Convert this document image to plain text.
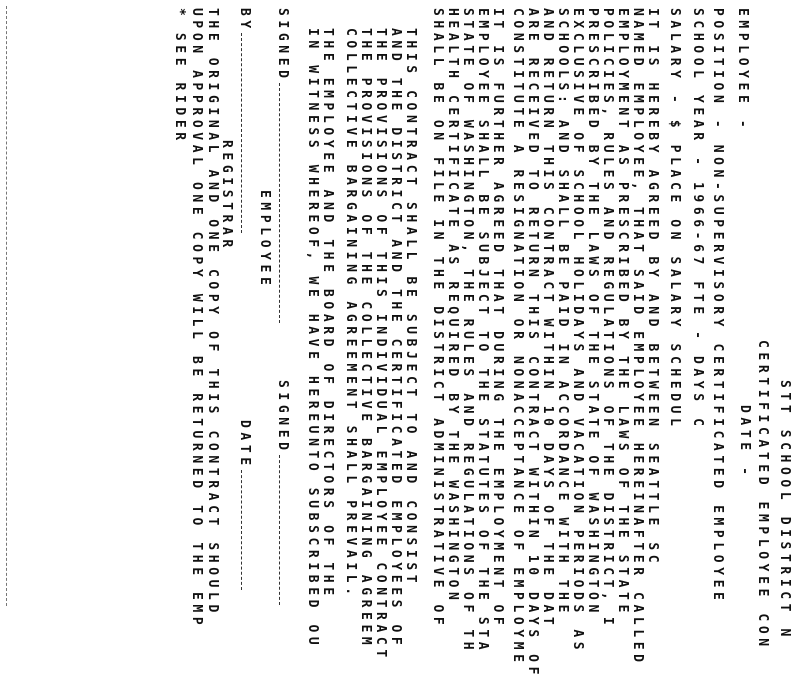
STT SCHOOL DISTRICT N
CERTIFICATED EMPLOYEE CON
DATE -
EMPLOYEE -
POSITION - NON-SUPERVISORY CERTIFICATED EMPLOYEE
SCHOOL YEAR - 1966-67 FTE - DAYS C
SALARY - $ PLACE ON SALARY SCHEDUL
IT IS HEREBY AGREED BY AND BETWEEN SEATTLE SC
NAMED EMPLOYEE, THAT SAID EMPLOYEE HEREINAFTER CALLED
EMPLOYMENT AS PRESCRIBED BY THE LAWS OF THE STATE
POLICIES, RULES AND REGULATIONS OF THE DISTRICT, I
PRESCRIBED BY THE LAWS OF THE STATE OF WASHINGTON
EXCLUSIVE OF SCHOOL HOLIDAYS AND VACATION PERIODS AS
SCHOOLS: AND SHALL BE PAID IN ACCORDANCE WITH THE
AND RETURN THIS CONTRACT WITHIN 10 DAYS OF THE DAT
ARE RECEIVED TO RETURN THIS CONTRACT WITHIN 10 DAYS OF
CONSTITUTE A RESIGNATION OR NONACCEPTANCE OF EMPLOYME
IT IS FURTHER AGREED THAT DURING THE EMPLOYMENT OF
EMPLOYEE SHALL BE SUBJECT TO THE STATUTES OF THE STA
STATE OF WASHINGTON, THE RULES AND REGULATIONS OF TH
HEALTH CERTIFICATE AS REQUIRED BY THE WASHINGTON
SHALL BE ON FILE IN THE DISTRICT ADMINISTRATIVE OF
THIS CONTRACT SHALL BE SUBJECT TO AND CONSIST
AND THE DISTRICT AND THE CERTIFICATED EMPLOYEES OF
THE PROVISIONS OF THIS INDIVIDUAL EMPLOYEE CONTRACT
THE PROVISIONS OF THE COLLECTIVE BARGAINING AGREEM
COLLECTIVE BARGAINING AGREEMENT SHALL PREVAIL.
THE EMPLOYEE AND THE BOARD OF DIRECTORS OF THE
IN WITNESS WHEREOF, WE HAVE HEREUNTO SUBSCRIBED OU
SIGNED
SIGNED
EMPLOYEE
BY
DATE
REGISTRAR
THE ORIGINAL AND ONE COPY OF THIS CONTRACT SHOULD
UPON APPROVAL ONE COPY WILL BE RETURNED TO THE EMP
* SEE RIDER
